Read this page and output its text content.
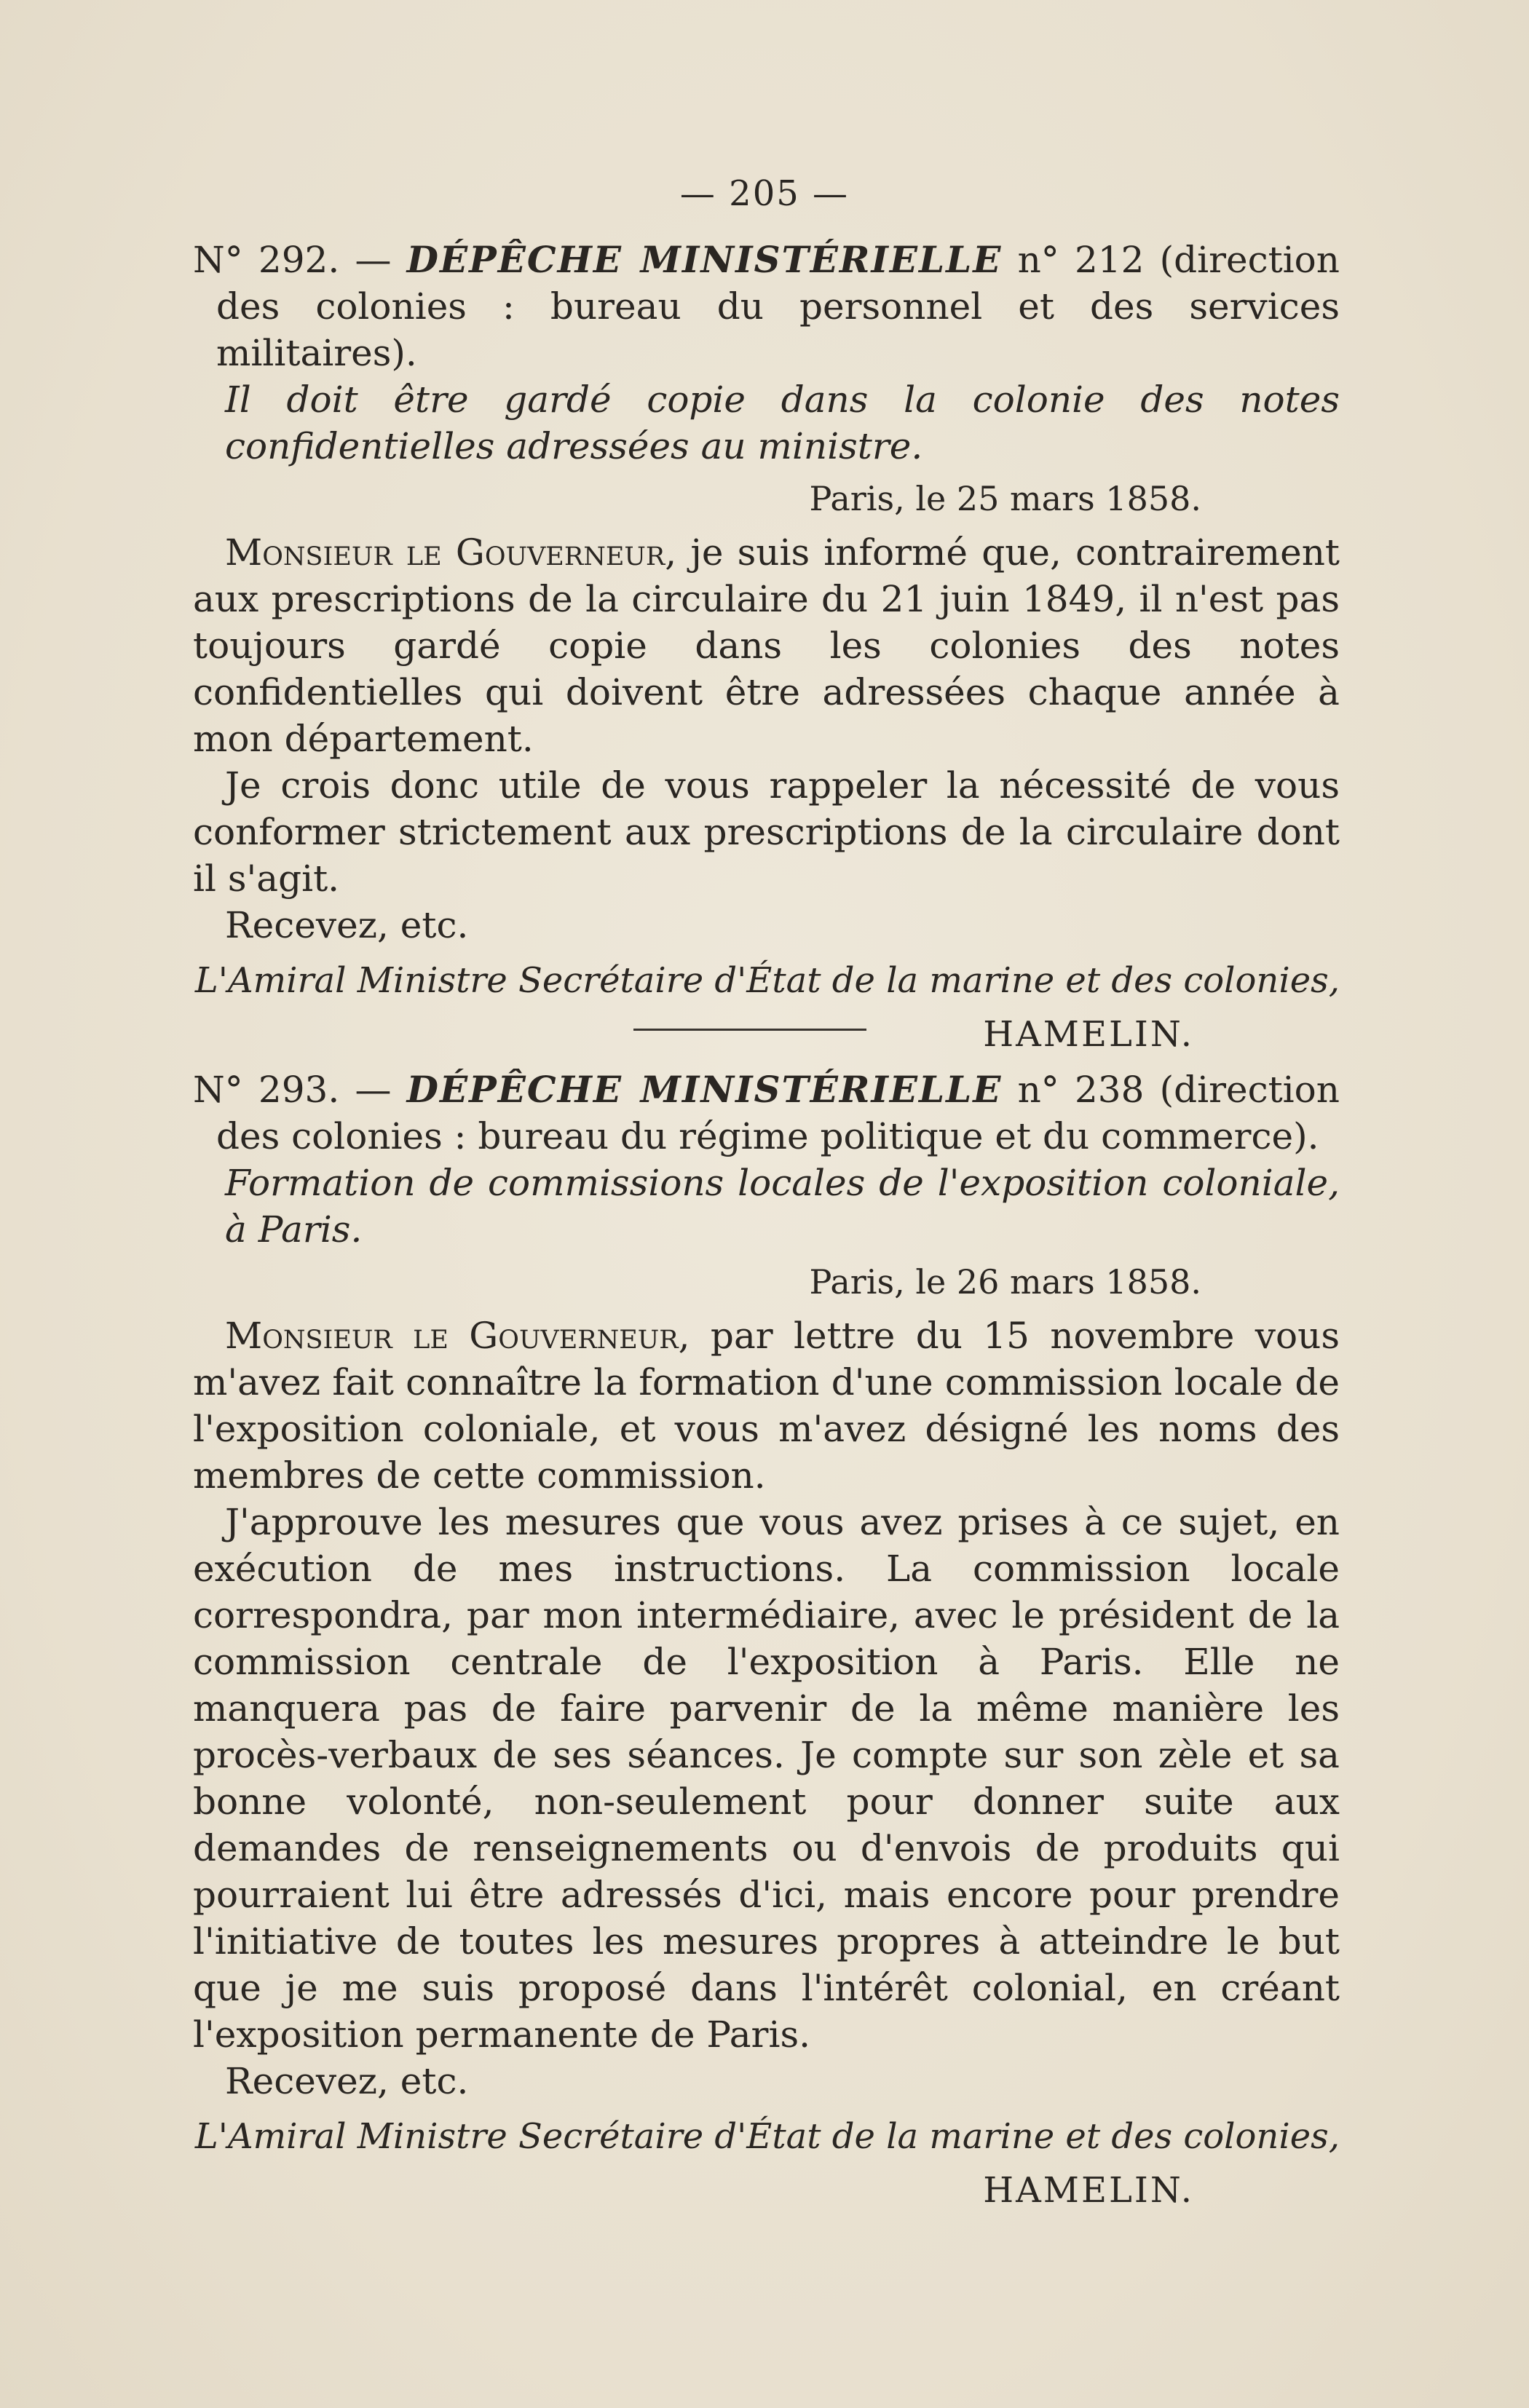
— 205 —

N° 292. — DÉPÊCHE MINISTÉRIELLE n° 212 (direction des colonies : bureau du personnel et des services militaires).

Il doit être gardé copie dans la colonie des notes confidentielles adressées au ministre.

Paris, le 25 mars 1858.

Monsieur le Gouverneur, je suis informé que, contrairement aux prescriptions de la circulaire du 21 juin 1849, il n'est pas toujours gardé copie dans les colonies des notes confidentielles qui doivent être adressées chaque année à mon département.

Je crois donc utile de vous rappeler la nécessité de vous conformer strictement aux prescriptions de la circulaire dont il s'agit.

Recevez, etc.

L'Amiral Ministre Secrétaire d'État de la marine et des colonies,

HAMELIN.

N° 293. — DÉPÊCHE MINISTÉRIELLE n° 238 (direction des colonies : bureau du régime politique et du commerce).

Formation de commissions locales de l'exposition coloniale, à Paris.

Paris, le 26 mars 1858.

Monsieur le Gouverneur, par lettre du 15 novembre vous m'avez fait connaître la formation d'une commission locale de l'exposition coloniale, et vous m'avez désigné les noms des membres de cette commission.

J'approuve les mesures que vous avez prises à ce sujet, en exécution de mes instructions. La commission locale correspondra, par mon intermédiaire, avec le président de la commission centrale de l'exposition à Paris. Elle ne manquera pas de faire parvenir de la même manière les procès-verbaux de ses séances. Je compte sur son zèle et sa bonne volonté, non-seulement pour donner suite aux demandes de renseignements ou d'envois de produits qui pourraient lui être adressés d'ici, mais encore pour prendre l'initiative de toutes les mesures propres à atteindre le but que je me suis proposé dans l'intérêt colonial, en créant l'exposition permanente de Paris.

Recevez, etc.

L'Amiral Ministre Secrétaire d'État de la marine et des colonies,

HAMELIN.
